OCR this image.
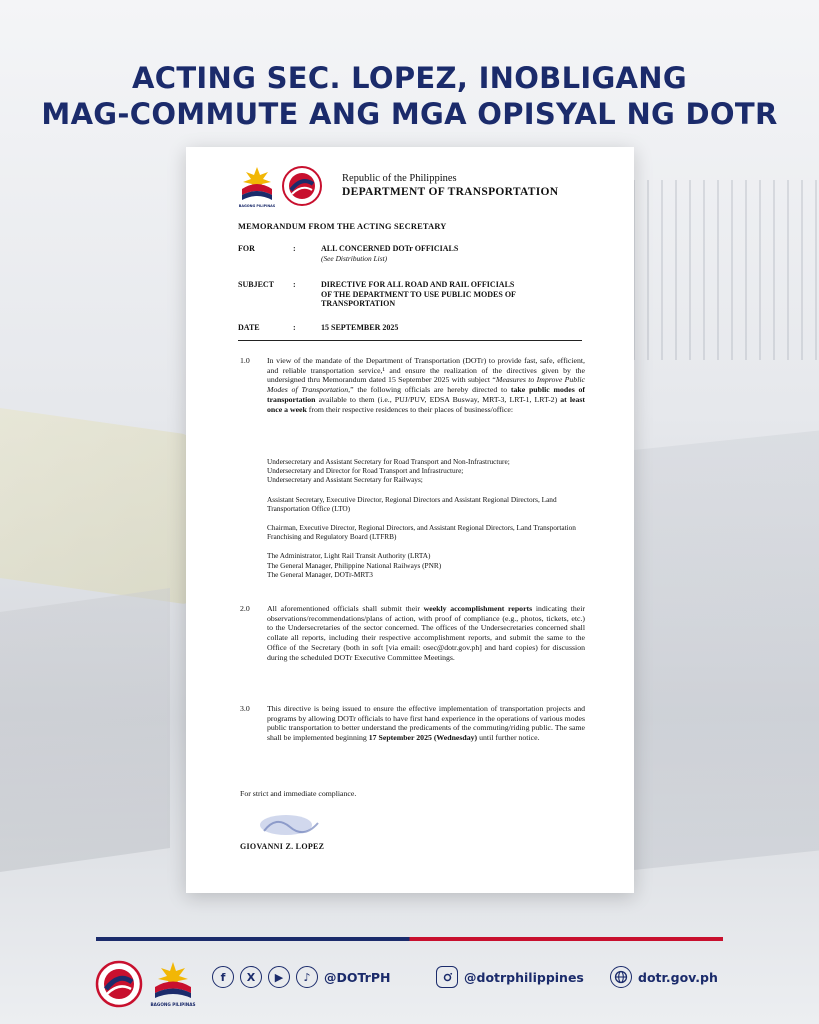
ACTING SEC. LOPEZ, INOBLIGANG
MAG-COMMUTE ANG MGA OPISYAL NG DOTR
BAGONG PILIPINAS
Republic of the Philippines
DEPARTMENT OF TRANSPORTATION
MEMORANDUM FROM THE ACTING SECRETARY
FOR	:	ALL CONCERNED DOTr OFFICIALS
(See Distribution List)
SUBJECT :	DIRECTIVE FOR ALL ROAD AND RAIL OFFICIALS
OF THE DEPARTMENT TO USE PUBLIC MODES OF
TRANSPORTATION
DATE	:	15 SEPTEMBER 2025
1.0 In view of the mandate of the Department of Transportation (DOTr) to provide fast, safe, efficient, and reliable transportation service,¹ and ensure the realization of the directives given by the undersigned thru Memorandum dated 15 September 2025 with subject “Measures to Improve Public Modes of Transportation,” the following officials are hereby directed to take public modes of transportation available to them (i.e., PUJ/PUV, EDSA Busway, MRT-3, LRT-1, LRT-2) at least once a week from their respective residences to their places of business/office:

Undersecretary and Assistant Secretary for Road Transport and Non-Infrastructure;
Undersecretary and Director for Road Transport and Infrastructure;
Undersecretary and Assistant Secretary for Railways;

Assistant Secretary, Executive Director, Regional Directors and Assistant Regional Directors, Land Transportation Office (LTO)

Chairman, Executive Director, Regional Directors, and Assistant Regional Directors, Land Transportation Franchising and Regulatory Board (LTFRB)

The Administrator, Light Rail Transit Authority (LRTA)
The General Manager, Philippine National Railways (PNR)
The General Manager, DOTr-MRT3

2.0 All aforementioned officials shall submit their weekly accomplishment reports indicating their observations/recommendations/plans of action, with proof of compliance (e.g., photos, tickets, etc.) to the Undersecretaries of the sector concerned. The offices of the Undersecretaries concerned shall collate all reports, including their respective accomplishment reports, and submit the same to the Office of the Secretary (both in soft [via email: osec@dotr.gov.ph] and hard copies) for discussion during the scheduled DOTr Executive Committee Meetings.
3.0 This directive is being issued to ensure the effective implementation of transportation projects and programs by allowing DOTr officials to have first hand experience in the operations of various modes public transportation to better understand the predicaments of the commuting/riding public. The same shall be implemented beginning 17 September 2025 (Wednesday) until further notice.
For strict and immediate compliance.
GIOVANNI Z. LOPEZ
BAGONG PILIPINAS
f	X	▶	♪	@DOTrPH	@dotrphilippines	dotr.gov.ph
